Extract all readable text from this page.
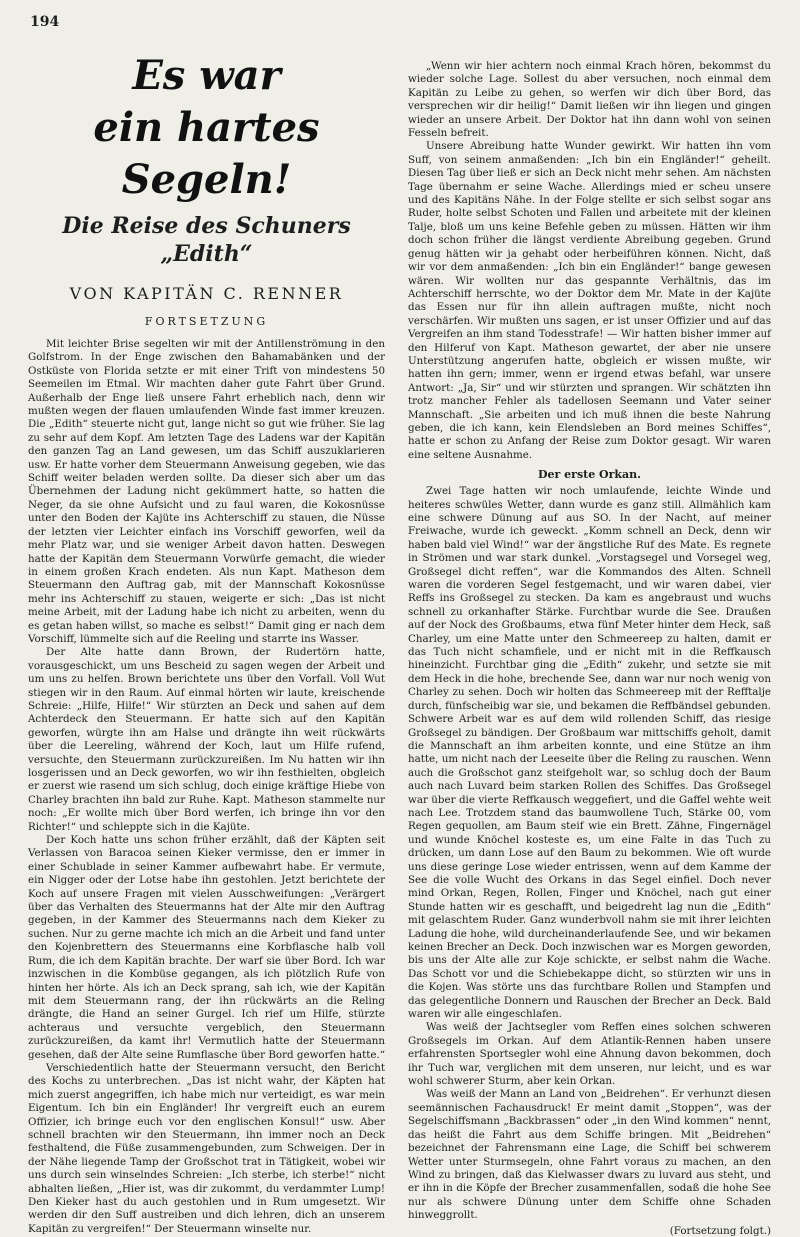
194
Es war
ein hartes Segeln!
Die Reise des Schuners „Edith“
VON KAPITÄN C. RENNER
FORTSETZUNG

Mit leichter Brise segelten wir mit der Antillenströmung in den Golfstrom. In der Enge zwischen den Bahamabänken und der Ostküste von Florida setzte er mit einer Trift von mindestens 50 Seemeilen im Etmal. Wir machten daher gute Fahrt über Grund. Außerhalb der Enge ließ unsere Fahrt erheblich nach, denn wir mußten wegen der flauen umlaufenden Winde fast immer kreuzen. Die „Edith“ steuerte nicht gut, lange nicht so gut wie früher. Sie lag zu sehr auf dem Kopf. Am letzten Tage des Ladens war der Kapitän den ganzen Tag an Land gewesen, um das Schiff auszuklarieren usw. Er hatte vorher dem Steuermann Anweisung gegeben, wie das Schiff weiter beladen werden sollte. Da dieser sich aber um das Übernehmen der Ladung nicht gekümmert hatte, so hatten die Neger, da sie ohne Aufsicht und zu faul waren, die Kokosnüsse unter den Boden der Kajüte ins Achterschiff zu stauen, die Nüsse der letzten vier Leichter einfach ins Vorschiff geworfen, weil da mehr Platz war, und sie weniger Arbeit davon hatten. Deswegen hatte der Kapitän dem Steuermann Vorwürfe gemacht, die wieder in einem großen Krach endeten. Als nun Kapt. Matheson dem Steuermann den Auftrag gab, mit der Mannschaft Kokosnüsse mehr ins Achterschiff zu stauen, weigerte er sich: „Das ist nicht meine Arbeit, mit der Ladung habe ich nicht zu arbeiten, wenn du es getan haben willst, so mache es selbst!“ Damit ging er nach dem Vorschiff, lümmelte sich auf die Reeling und starrte ins Wasser.

Der Alte hatte dann Brown, der Rudertörn hatte, vorausgeschickt, um uns Bescheid zu sagen wegen der Arbeit und um uns zu helfen. Brown berichtete uns über den Vorfall. Voll Wut stiegen wir in den Raum. Auf einmal hörten wir laute, kreischende Schreie: „Hilfe, Hilfe!“ Wir stürzten an Deck und sahen auf dem Achterdeck den Steuermann. Er hatte sich auf den Kapitän geworfen, würgte ihn am Halse und drängte ihn weit rückwärts über die Leereling, während der Koch, laut um Hilfe rufend, versuchte, den Steuermann zurückzureißen. Im Nu hatten wir ihn losgerissen und an Deck geworfen, wo wir ihn festhielten, obgleich er zuerst wie rasend um sich schlug, doch einige kräftige Hiebe von Charley brachten ihn bald zur Ruhe. Kapt. Matheson stammelte nur noch: „Er wollte mich über Bord werfen, ich bringe ihn vor den Richter!“ und schleppte sich in die Kajüte.

Der Koch hatte uns schon früher erzählt, daß der Käpten seit Verlassen von Baracoa seinen Kieker vermisse, den er immer in einer Schublade in seiner Kammer aufbewahrt habe. Er vermute, ein Nigger oder der Lotse habe ihn gestohlen. Jetzt berichtete der Koch auf unsere Fragen mit vielen Ausschweifungen: „Verärgert über das Verhalten des Steuermanns hat der Alte mir den Auftrag gegeben, in der Kammer des Steuermanns nach dem Kieker zu suchen. Nur zu gerne machte ich mich an die Arbeit und fand unter den Kojenbrettern des Steuermanns eine Korbflasche halb voll Rum, die ich dem Kapitän brachte. Der warf sie über Bord. Ich war inzwischen in die Kombüse gegangen, als ich plötzlich Rufe von hinten her hörte. Als ich an Deck sprang, sah ich, wie der Kapitän mit dem Steuermann rang, der ihn rückwärts an die Reling drängte, die Hand an seiner Gurgel. Ich rief um Hilfe, stürzte achteraus und versuchte vergeblich, den Steuermann zurückzureißen, da kamt ihr! Vermutlich hatte der Steuermann gesehen, daß der Alte seine Rumflasche über Bord geworfen hatte.“

Verschiedentlich hatte der Steuermann versucht, den Bericht des Kochs zu unterbrechen. „Das ist nicht wahr, der Käpten hat mich zuerst angegriffen, ich habe mich nur verteidigt, es war mein Eigentum. Ich bin ein Engländer! Ihr vergreift euch an eurem Offizier, ich bringe euch vor den englischen Konsul!“ usw. Aber schnell brachten wir den Steuermann, ihn immer noch an Deck festhaltend, die Füße zusammengebunden, zum Schweigen. Der in der Nähe liegende Tamp der Großschot trat in Tätigkeit, wobei wir uns durch sein winselndes Schreien: „Ich sterbe, ich sterbe!“ nicht abhalten ließen, „Hier ist, was dir zukommt, du verdammter Lump! Den Kieker hast du auch gestohlen und in Rum umgesetzt. Wir werden dir den Suff austreiben und dich lehren, dich an unserem Kapitän zu vergreifen!“ Der Steuermann winselte nur.

„Wenn wir hier achtern noch einmal Krach hören, bekommst du wieder solche Lage. Sollest du aber versuchen, noch einmal dem Kapitän zu Leibe zu gehen, so werfen wir dich über Bord, das versprechen wir dir heilig!“ Damit ließen wir ihn liegen und gingen wieder an unsere Arbeit. Der Doktor hat ihn dann wohl von seinen Fesseln befreit.

Unsere Abreibung hatte Wunder gewirkt. Wir hatten ihn vom Suff, von seinem anmaßenden: „Ich bin ein Engländer!“ geheilt. Diesen Tag über ließ er sich an Deck nicht mehr sehen. Am nächsten Tage übernahm er seine Wache. Allerdings mied er scheu unsere und des Kapitäns Nähe. In der Folge stellte er sich selbst sogar ans Ruder, holte selbst Schoten und Fallen und arbeitete mit der kleinen Talje, bloß um uns keine Befehle geben zu müssen. Hätten wir ihm doch schon früher die längst verdiente Abreibung gegeben. Grund genug hätten wir ja gehabt oder herbeiführen können. Nicht, daß wir vor dem anmaßenden: „Ich bin ein Engländer!“ bange gewesen wären. Wir wollten nur das gespannte Verhältnis, das im Achterschiff herrschte, wo der Doktor dem Mr. Mate in der Kajüte das Essen nur für ihn allein auftragen mußte, nicht noch verschärfen. Wir mußten uns sagen, er ist unser Offizier und auf das Vergreifen an ihm stand Todesstrafe! — Wir hatten bisher immer auf den Hilferuf von Kapt. Matheson gewartet, der aber nie unsere Unterstützung angerufen hatte, obgleich er wissen mußte, wir hatten ihn gern; immer, wenn er irgend etwas befahl, war unsere Antwort: „Ja, Sir“ und wir stürzten und sprangen. Wir schätzten ihn trotz mancher Fehler als tadellosen Seemann und Vater seiner Mannschaft. „Sie arbeiten und ich muß ihnen die beste Nahrung geben, die ich kann, kein Elendsleben an Bord meines Schiffes“, hatte er schon zu Anfang der Reise zum Doktor gesagt. Wir waren eine seltene Ausnahme.

Der erste Orkan.

Zwei Tage hatten wir noch umlaufende, leichte Winde und heiteres schwüles Wetter, dann wurde es ganz still. Allmählich kam eine schwere Dünung auf aus SO. In der Nacht, auf meiner Freiwache, wurde ich geweckt. „Komm schnell an Deck, denn wir haben bald viel Wind!“ war der ängstliche Ruf des Mate. Es regnete in Strömen und war stark dunkel. „Vorstagsegel und Vorsegel weg, Großsegel dicht reffen“, war die Kommandos des Alten. Schnell waren die vorderen Segel festgemacht, und wir waren dabei, vier Reffs ins Großsegel zu stecken. Da kam es angebraust und wuchs schnell zu orkanhafter Stärke. Furchtbar wurde die See. Draußen auf der Nock des Großbaums, etwa fünf Meter hinter dem Heck, saß Charley, um eine Matte unter den Schmeereep zu halten, damit er das Tuch nicht schamfiele, und er nicht mit in die Reffkausch hineinzicht. Furchtbar ging die „Edith“ zukehr, und setzte sie mit dem Heck in die hohe, brechende See, dann war nur noch wenig von Charley zu sehen. Doch wir holten das Schmeereep mit der Refftalje durch, fünfscheibig war sie, und bekamen die Reffbändsel gebunden. Schwere Arbeit war es auf dem wild rollenden Schiff, das riesige Großsegel zu bändigen. Der Großbaum war mittschiffs geholt, damit die Mannschaft an ihm arbeiten konnte, und eine Stütze an ihm hatte, um nicht nach der Leeseite über die Reling zu rauschen. Wenn auch die Großschot ganz steifgeholt war, so schlug doch der Baum auch nach Luvard beim starken Rollen des Schiffes. Das Großsegel war über die vierte Reffkausch weggefiert, und die Gaffel wehte weit nach Lee. Trotzdem stand das baumwollene Tuch, Stärke 00, vom Regen gequollen, am Baum steif wie ein Brett. Zähne, Fingernägel und wunde Knöchel kosteste es, um eine Falte in das Tuch zu drücken, um dann Lose auf den Baum zu bekommen. Wie oft wurde uns diese geringe Lose wieder entrissen, wenn auf dem Kamme der See die volle Wucht des Orkans in das Segel einfiel. Doch never mind Orkan, Regen, Rollen, Finger und Knöchel, nach gut einer Stunde hatten wir es geschafft, und beigedreht lag nun die „Edith“ mit gelaschtem Ruder. Ganz wunderbvoll nahm sie mit ihrer leichten Ladung die hohe, wild durcheinanderlaufende See, und wir bekamen keinen Brecher an Deck. Doch inzwischen war es Morgen geworden, bis uns der Alte alle zur Koje schickte, er selbst nahm die Wache. Das Schott vor und die Schiebekappe dicht, so stürzten wir uns in die Kojen. Was störte uns das furchtbare Rollen und Stampfen und das gelegentliche Donnern und Rauschen der Brecher an Deck. Bald waren wir alle eingeschlafen.

Was weiß der Jachtsegler vom Reffen eines solchen schweren Großsegels im Orkan. Auf dem Atlantik-Rennen haben unsere erfahrensten Sportsegler wohl eine Ahnung davon bekommen, doch ihr Tuch war, verglichen mit dem unseren, nur leicht, und es war wohl schwerer Sturm, aber kein Orkan.

Was weiß der Mann an Land von „Beidrehen“. Er verhunzt diesen seemännischen Fachausdruck! Er meint damit „Stoppen“, was der Segelschiffsmann „Backbrassen“ oder „in den Wind kommen“ nennt, das heißt die Fahrt aus dem Schiffe bringen. Mit „Beidrehen“ bezeichnet der Fahrensmann eine Lage, die Schiff bei schwerem Wetter unter Sturmsegeln, ohne Fahrt voraus zu machen, an den Wind zu bringen, daß das Kielwasser dwars zu luvard aus steht, und er ihn in die Köpfe der Brecher zusammenfallen, sodaß die hohe See nur als schwere Dünung unter dem Schiffe ohne Schaden hinweggrollt.

(Fortsetzung folgt.)
